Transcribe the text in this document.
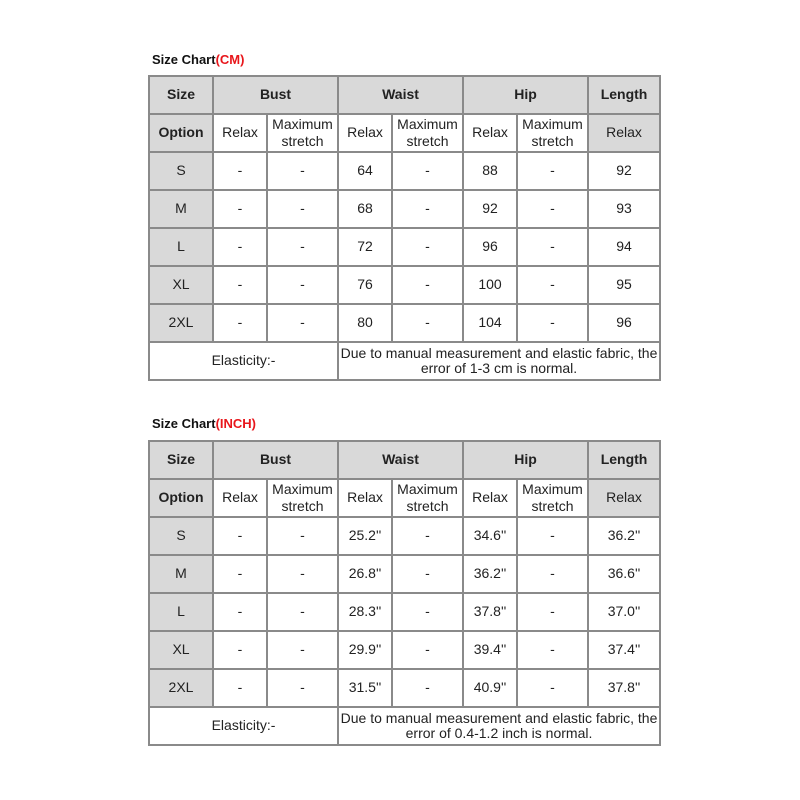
Size Chart(CM)
Size	Bust		Waist		Hip		Length
Option	Relax	Maximum stretch	Relax	Maximum stretch	Relax	Maximum stretch	Relax
S	-	-	64	-	88	-	92
M	-	-	68	-	92	-	93
L	-	-	72	-	96	-	94
XL	-	-	76	-	100	-	95
2XL	-	-	80	-	104	-	96
Elasticity:-			Due to manual measurement and elastic fabric, the error of 1-3 cm is normal.				
Size Chart(INCH)
Size	Bust		Waist		Hip		Length
Option	Relax	Maximum stretch	Relax	Maximum stretch	Relax	Maximum stretch	Relax
S	-	-	25.2''	-	34.6''	-	36.2''
M	-	-	26.8''	-	36.2''	-	36.6''
L	-	-	28.3''	-	37.8''	-	37.0''
XL	-	-	29.9''	-	39.4''	-	37.4''
2XL	-	-	31.5''	-	40.9''	-	37.8''
Elasticity:-			Due to manual measurement and elastic fabric, the error of 0.4-1.2 inch is normal.				
